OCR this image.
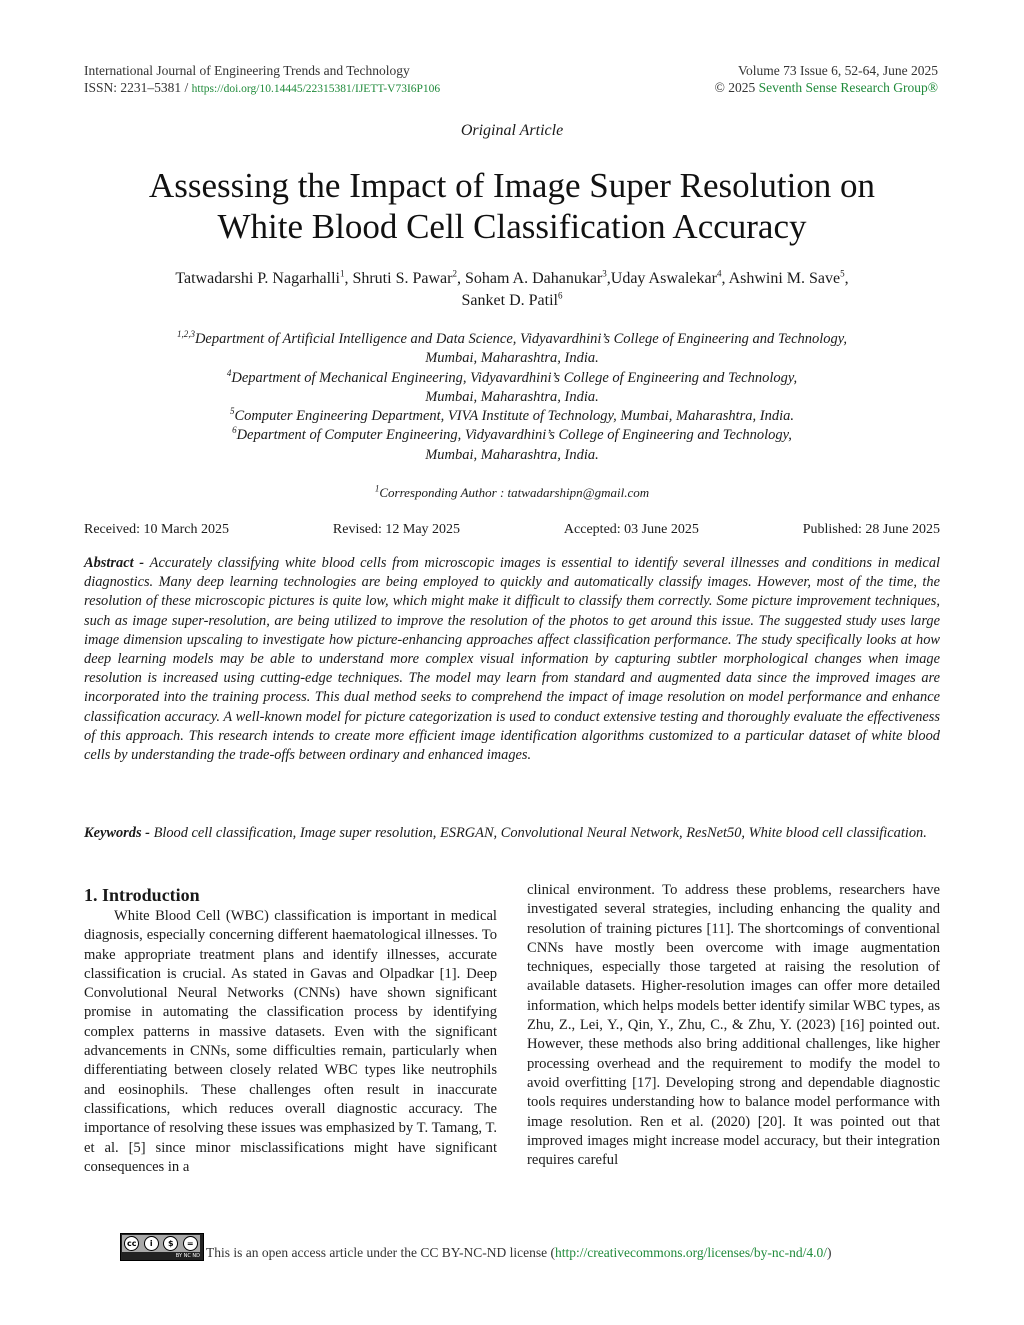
International Journal of Engineering Trends and Technology
ISSN: 2231–5381 / https://doi.org/10.14445/22315381/IJETT-V73I6P106
Volume 73 Issue 6, 52-64, June 2025
© 2025 Seventh Sense Research Group®
Original Article
Assessing the Impact of Image Super Resolution on
White Blood Cell Classification Accuracy
Tatwadarshi P. Nagarhalli$^1$, Shruti S. Pawar$^2$, Soham A. Dahanukar$^3$,Uday Aswalekar$^4$, Ashwini M. Save$^5$,
Sanket D. Patil$^6$
$^{1,2,3}$Department of Artificial Intelligence and Data Science, Vidyavardhini’s College of Engineering and Technology,
Mumbai, Maharashtra, India.
$^4$Department of Mechanical Engineering, Vidyavardhini’s College of Engineering and Technology,
Mumbai, Maharashtra, India.
$^5$Computer Engineering Department, VIVA Institute of Technology, Mumbai, Maharashtra, India.
$^6$Department of Computer Engineering, Vidyavardhini’s College of Engineering and Technology,
Mumbai, Maharashtra, India.
$^1$Corresponding Author : tatwadarshipn@gmail.com
Received: 10 March 2025	Revised: 12 May 2025	Accepted: 03 June 2025	Published: 28 June 2025
Abstract - Accurately classifying white blood cells from microscopic images is essential to identify several illnesses and conditions in medical diagnostics. Many deep learning technologies are being employed to quickly and automatically classify images. However, most of the time, the resolution of these microscopic pictures is quite low, which might make it difficult to classify them correctly. Some picture improvement techniques, such as image super-resolution, are being utilized to improve the resolution of the photos to get around this issue. The suggested study uses large image dimension upscaling to investigate how picture-enhancing approaches affect classification performance. The study specifically looks at how deep learning models may be able to understand more complex visual information by capturing subtler morphological changes when image resolution is increased using cutting-edge techniques. The model may learn from standard and augmented data since the improved images are incorporated into the training process. This dual method seeks to comprehend the impact of image resolution on model performance and enhance classification accuracy. A well-known model for picture categorization is used to conduct extensive testing and thoroughly evaluate the effectiveness of this approach. This research intends to create more efficient image identification algorithms customized to a particular dataset of white blood cells by understanding the trade-offs between ordinary and enhanced images.
Keywords - Blood cell classification, Image super resolution, ESRGAN, Convolutional Neural Network, ResNet50, White blood cell classification.
1. Introduction

White Blood Cell (WBC) classification is important in medical diagnosis, especially concerning different haematological illnesses. To make appropriate treatment plans and identify illnesses, accurate classification is crucial. As stated in Gavas and Olpadkar [1]. Deep Convolutional Neural Networks (CNNs) have shown significant promise in automating the classification process by identifying complex patterns in massive datasets. Even with the significant advancements in CNNs, some difficulties remain, particularly when differentiating between closely related WBC types like neutrophils and eosinophils. These challenges often result in inaccurate classifications, which reduces overall diagnostic accuracy. The importance of resolving these issues was emphasized by T. Tamang, T. et al. [5] since minor misclassifications might have significant consequences in a

clinical environment. To address these problems, researchers have investigated several strategies, including enhancing the quality and resolution of training pictures [11]. The shortcomings of conventional CNNs have mostly been overcome with image augmentation techniques, especially those targeted at raising the resolution of available datasets. Higher-resolution images can offer more detailed information, which helps models better identify similar WBC types, as Zhu, Z., Lei, Y., Qin, Y., Zhu, C., & Zhu, Y. (2023) [16] pointed out. However, these methods also bring additional challenges, like higher processing overhead and the requirement to modify the model to avoid overfitting [17]. Developing strong and dependable diagnostic tools requires understanding how to balance model performance with image resolution. Ren et al. (2020) [20]. It was pointed out that improved images might increase model accuracy, but their integration requires careful

cc	i	$	=
BY NC ND This is an open access article under the CC BY-NC-ND license ( http://creativecommons.org/licenses/by-nc-nd/4.0/ )
